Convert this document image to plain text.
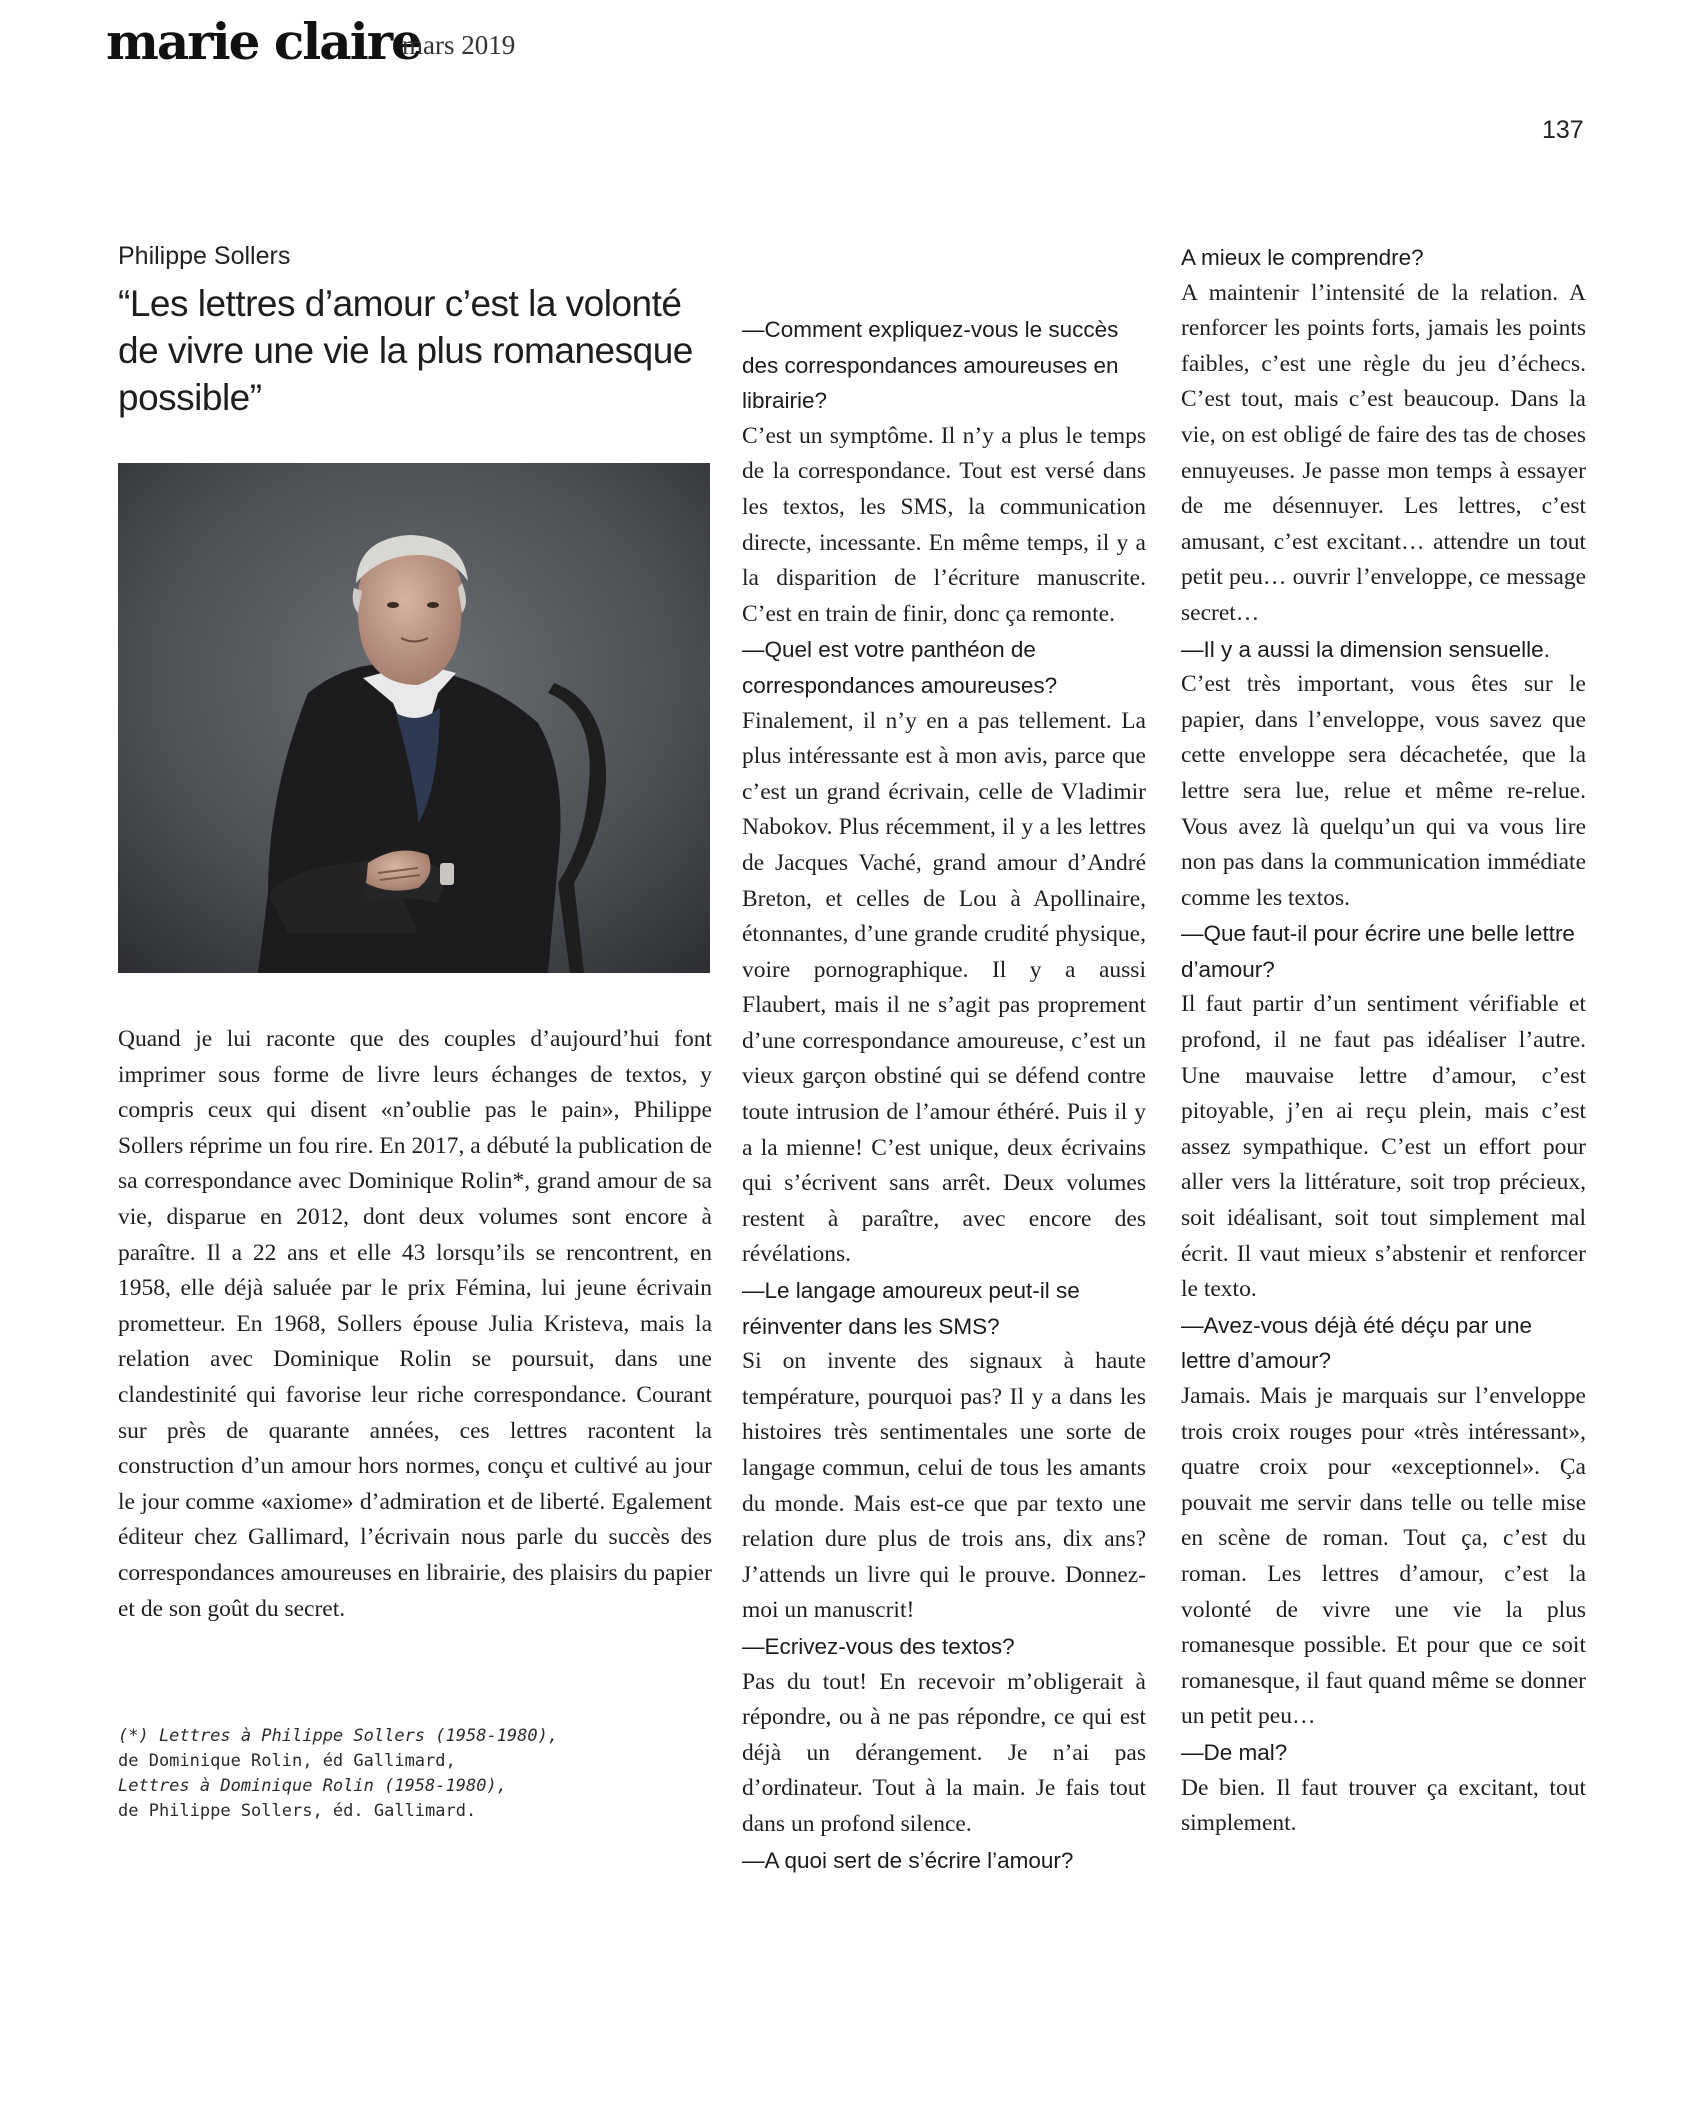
marie claire
mars 2019
137

Philippe Sollers

“Les lettres d’amour c’est la volonté de vivre une vie la plus romanesque possible”

Quand je lui raconte que des couples d’aujourd’hui font imprimer sous forme de livre leurs échanges de textos, y compris ceux qui disent «n’oublie pas le pain», Philippe Sollers réprime un fou rire. En 2017, a débuté la publication de sa correspondance avec Dominique Rolin*, grand amour de sa vie, disparue en 2012, dont deux volumes sont encore à paraître. Il a 22 ans et elle 43 lorsqu’ils se rencontrent, en 1958, elle déjà saluée par le prix Fémina, lui jeune écrivain prometteur. En 1968, Sollers épouse Julia Kristeva, mais la relation avec Dominique Rolin se poursuit, dans une clandestinité qui favorise leur riche correspondance. Courant sur près de quarante années, ces lettres racontent la construction d’un amour hors normes, conçu et cultivé au jour le jour comme «axiome» d’admiration et de liberté. Egalement éditeur chez Gallimard, l’écrivain nous parle du succès des correspondances amoureuses en librairie, des plaisirs du papier et de son goût du secret.

(*) Lettres à Philippe Sollers (1958-1980),
de Dominique Rolin, éd Gallimard,
Lettres à Dominique Rolin (1958-1980),
de Philippe Sollers, éd. Gallimard.

—Comment expliquez-vous le succès des correspondances amoureuses en librairie?

C’est un symptôme. Il n’y a plus le temps de la correspondance. Tout est versé dans les textos, les SMS, la communication directe, incessante. En même temps, il y a la disparition de l’écriture manuscrite. C’est en train de finir, donc ça remonte.

—Quel est votre panthéon de correspondances amoureuses?

Finalement, il n’y en a pas tellement. La plus intéressante est à mon avis, parce que c’est un grand écrivain, celle de Vladimir Nabokov. Plus récemment, il y a les lettres de Jacques Vaché, grand amour d’André Breton, et celles de Lou à Apollinaire, étonnantes, d’une grande crudité physique, voire pornographique. Il y a aussi Flaubert, mais il ne s’agit pas proprement d’une correspondance amoureuse, c’est un vieux garçon obstiné qui se défend contre toute intrusion de l’amour éthéré. Puis il y a la mienne! C’est unique, deux écrivains qui s’écrivent sans arrêt. Deux volumes restent à paraître, avec encore des révélations.

—Le langage amoureux peut-il se réinventer dans les SMS?

Si on invente des signaux à haute température, pourquoi pas? Il y a dans les histoires très sentimentales une sorte de langage commun, celui de tous les amants du monde. Mais est-ce que par texto une relation dure plus de trois ans, dix ans? J’attends un livre qui le prouve. Donnez-moi un manuscrit!

—Ecrivez-vous des textos?

Pas du tout! En recevoir m’obligerait à répondre, ou à ne pas répondre, ce qui est déjà un dérangement. Je n’ai pas d’ordinateur. Tout à la main. Je fais tout dans un profond silence.

—A quoi sert de s’écrire l’amour?

A mieux le comprendre?

A maintenir l’intensité de la relation. A renforcer les points forts, jamais les points faibles, c’est une règle du jeu d’échecs. C’est tout, mais c’est beaucoup. Dans la vie, on est obligé de faire des tas de choses ennuyeuses. Je passe mon temps à essayer de me désennuyer. Les lettres, c’est amusant, c’est excitant… attendre un tout petit peu… ouvrir l’enveloppe, ce message secret…

—Il y a aussi la dimension sensuelle.

C’est très important, vous êtes sur le papier, dans l’enveloppe, vous savez que cette enveloppe sera décachetée, que la lettre sera lue, relue et même re-relue. Vous avez là quelqu’un qui va vous lire non pas dans la communication immédiate comme les textos.

—Que faut-il pour écrire une belle lettre d’amour?

Il faut partir d’un sentiment vérifiable et profond, il ne faut pas idéaliser l’autre. Une mauvaise lettre d’amour, c’est pitoyable, j’en ai reçu plein, mais c’est assez sympathique. C’est un effort pour aller vers la littérature, soit trop précieux, soit idéalisant, soit tout simplement mal écrit. Il vaut mieux s’abstenir et renforcer le texto.

—Avez-vous déjà été déçu par une lettre d’amour?

Jamais. Mais je marquais sur l’enveloppe trois croix rouges pour «très intéressant», quatre croix pour «exceptionnel». Ça pouvait me servir dans telle ou telle mise en scène de roman. Tout ça, c’est du roman. Les lettres d’amour, c’est la volonté de vivre une vie la plus romanesque possible. Et pour que ce soit romanesque, il faut quand même se donner un petit peu…

—De mal?

De bien. Il faut trouver ça excitant, tout simplement.
